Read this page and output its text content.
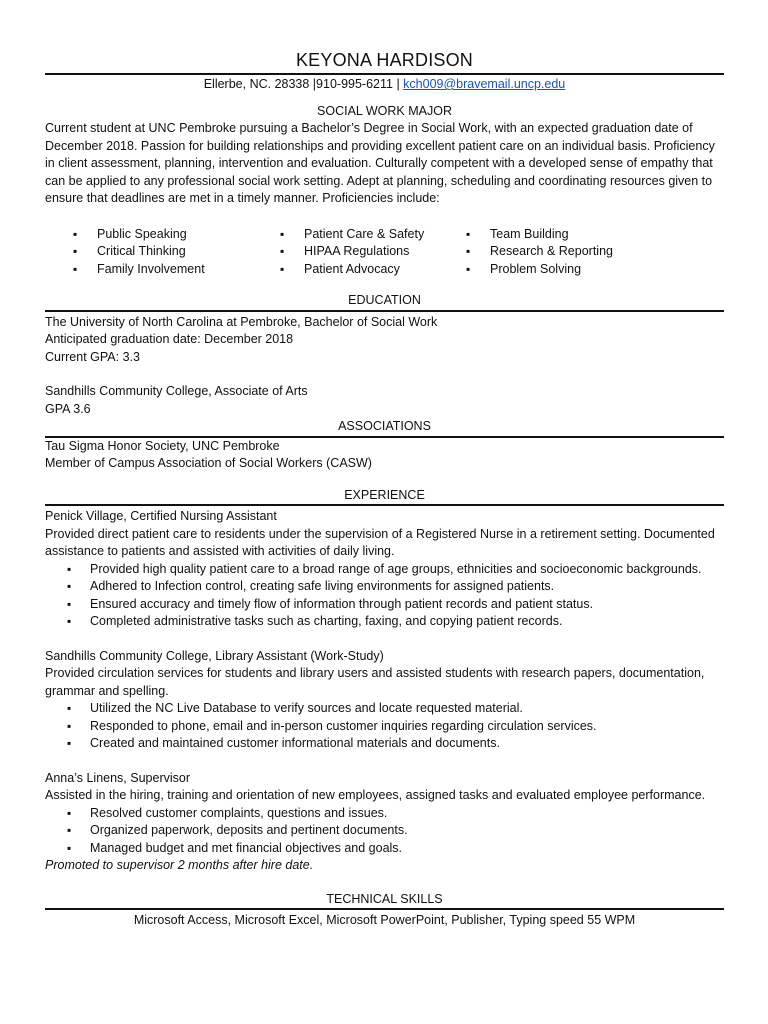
KEYONA HARDISON
Ellerbe, NC. 28338 |910-995-6211 | kch009@bravemail.uncp.edu
SOCIAL WORK MAJOR

Current student at UNC Pembroke pursuing a Bachelor’s Degree in Social Work, with an expected graduation date of December 2018. Passion for building relationships and providing excellent patient care on an individual basis. Proficiency in client assessment, planning, intervention and evaluation. Culturally competent with a developed sense of empathy that can be applied to any professional social work setting. Adept at planning, scheduling and coordinating resources given to ensure that deadlines are met in a timely manner. Proficiencies include:

▪ Public Speaking
▪ Critical Thinking
▪ Family Involvement
▪ Patient Care & Safety
▪ HIPAA Regulations
▪ Patient Advocacy
▪ Team Building
▪ Research & Reporting
▪ Problem Solving
EDUCATION

The University of North Carolina at Pembroke, Bachelor of Social Work

Anticipated graduation date: December 2018

Current GPA: 3.3

Sandhills Community College, Associate of Arts

GPA 3.6

ASSOCIATIONS

Tau Sigma Honor Society, UNC Pembroke

Member of Campus Association of Social Workers (CASW)

EXPERIENCE

Penick Village, Certified Nursing Assistant

Provided direct patient care to residents under the supervision of a Registered Nurse in a retirement setting. Documented assistance to patients and assisted with activities of daily living.

▪ Provided high quality patient care to a broad range of age groups, ethnicities and socioeconomic backgrounds.
▪ Adhered to Infection control, creating safe living environments for assigned patients.
▪ Ensured accuracy and timely flow of information through patient records and patient status.
▪ Completed administrative tasks such as charting, faxing, and copying patient records.

Sandhills Community College, Library Assistant (Work-Study)

Provided circulation services for students and library users and assisted students with research papers, documentation, grammar and spelling.

▪ Utilized the NC Live Database to verify sources and locate requested material.
▪ Responded to phone, email and in-person customer inquiries regarding circulation services.
▪ Created and maintained customer informational materials and documents.

Anna’s Linens, Supervisor

Assisted in the hiring, training and orientation of new employees, assigned tasks and evaluated employee performance.

▪ Resolved customer complaints, questions and issues.
▪ Organized paperwork, deposits and pertinent documents.
▪ Managed budget and met financial objectives and goals.

Promoted to supervisor 2 months after hire date.

TECHNICAL SKILLS

Microsoft Access, Microsoft Excel, Microsoft PowerPoint, Publisher, Typing speed 55 WPM
